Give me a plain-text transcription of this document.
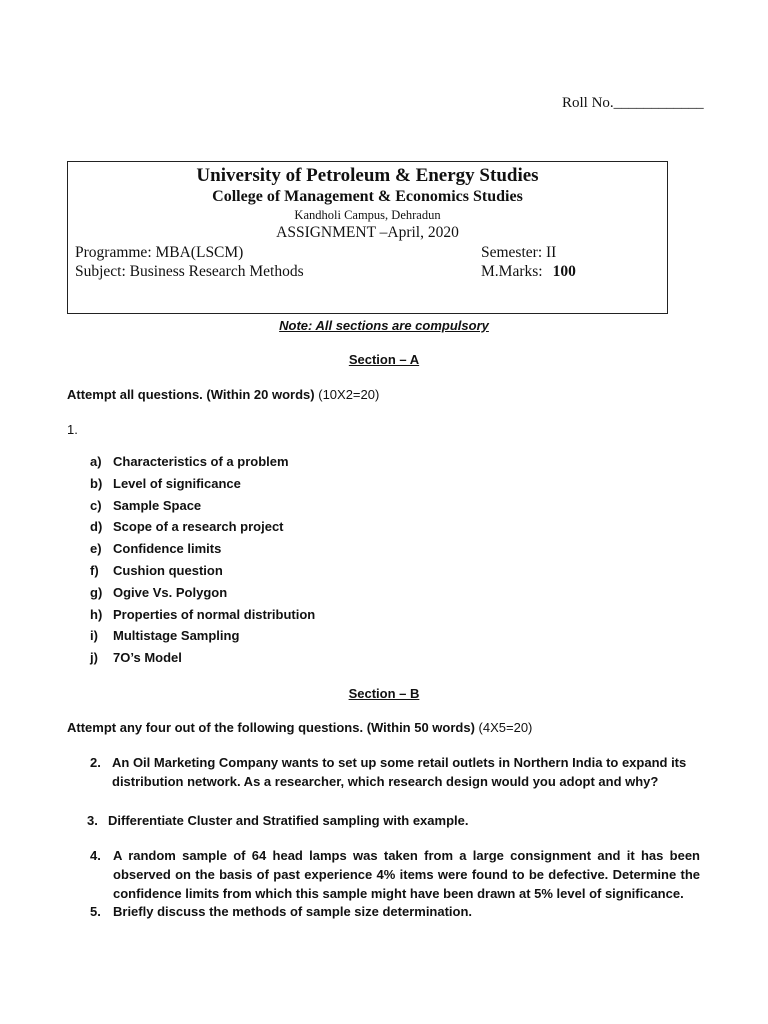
Roll No.____________
University of Petroleum & Energy Studies
College of Management & Economics Studies
Kandholi Campus, Dehradun
ASSIGNMENT –April, 2020
Programme: MBA(LSCM)
Subject: Business Research Methods
Semester: II
M.Marks: 100
Note: All sections are compulsory
Section – A
Attempt all questions. (Within 20 words) (10X2=20)
1.
a) Characteristics of a problem
b) Level of significance
c) Sample Space
d) Scope of a research project
e) Confidence limits
f) Cushion question
g) Ogive Vs. Polygon
h) Properties of normal distribution
i) Multistage Sampling
j) 7O’s Model
Section – B
Attempt any four out of the following questions. (Within 50 words) (4X5=20)
2. An Oil Marketing Company wants to set up some retail outlets in Northern India to expand its distribution network. As a researcher, which research design would you adopt and why?
3. Differentiate Cluster and Stratified sampling with example.
4. A random sample of 64 head lamps was taken from a large consignment and it has been observed on the basis of past experience 4% items were found to be defective. Determine the confidence limits from which this sample might have been drawn at 5% level of significance.
5. Briefly discuss the methods of sample size determination.
